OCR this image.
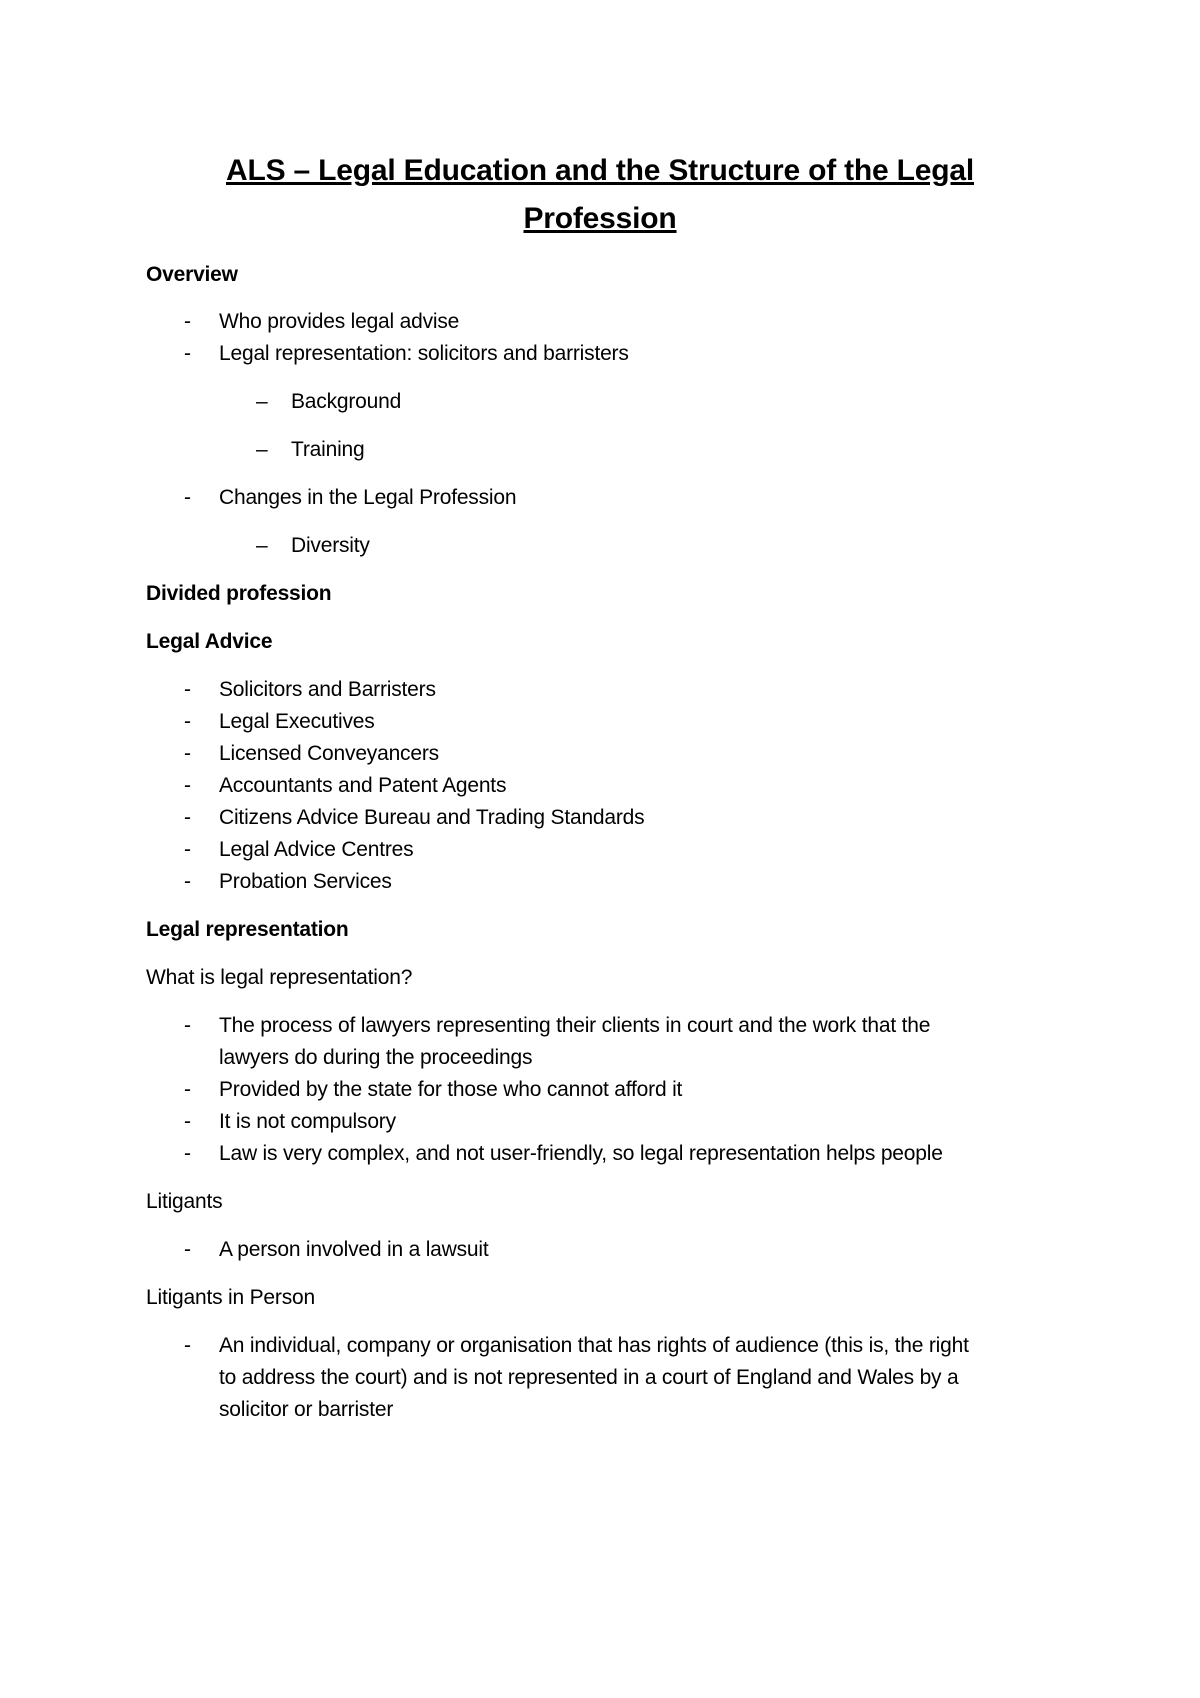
ALS – Legal Education and the Structure of the Legal
Profession
Overview
- Who provides legal advise
- Legal representation: solicitors and barristers
– Background
– Training
- Changes in the Legal Profession
– Diversity
Divided profession
Legal Advice
- Solicitors and Barristers
- Legal Executives
- Licensed Conveyancers
- Accountants and Patent Agents
- Citizens Advice Bureau and Trading Standards
- Legal Advice Centres
- Probation Services
Legal representation
What is legal representation?
- The process of lawyers representing their clients in court and the work that the
lawyers do during the proceedings
- Provided by the state for those who cannot afford it
- It is not compulsory
- Law is very complex, and not user-friendly, so legal representation helps people
Litigants
- A person involved in a lawsuit
Litigants in Person
- An individual, company or organisation that has rights of audience (this is, the right
to address the court) and is not represented in a court of England and Wales by a
solicitor or barrister
